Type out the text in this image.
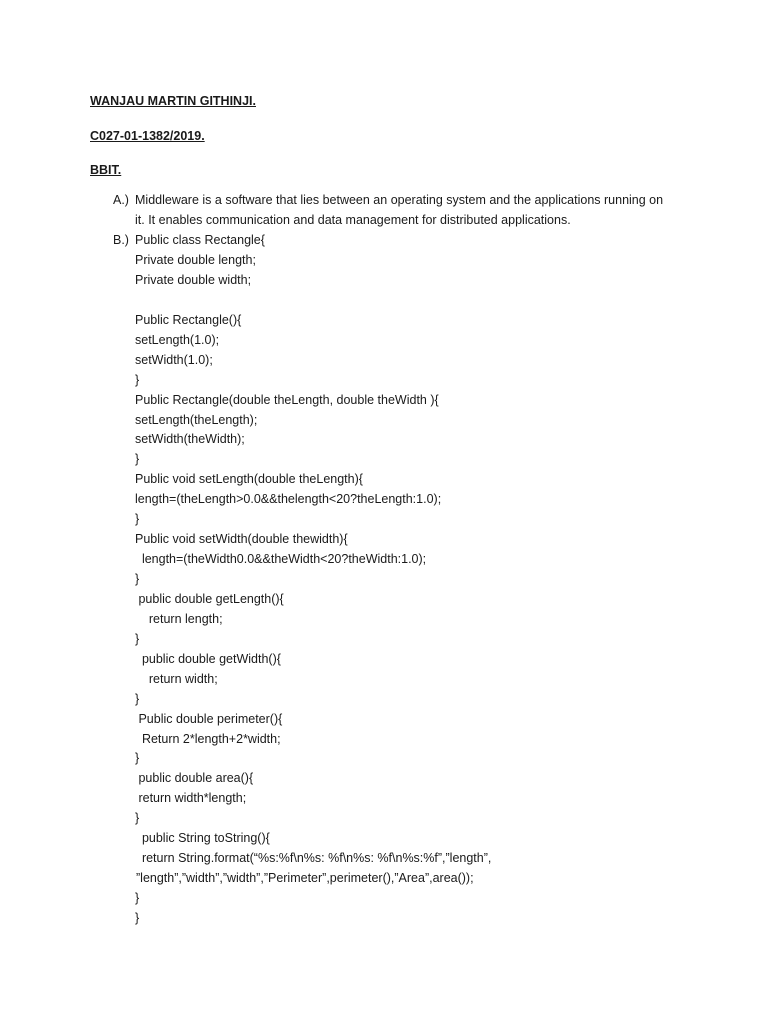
WANJAU MARTIN GITHINJI.
C027-01-1382/2019.
BBIT.
A.) Middleware is a software that lies between an operating system and the applications running on
it. It enables communication and data management for distributed applications.
B.) Public class Rectangle{
Private double length;
Private double width;
Public Rectangle(){
setLength(1.0);
setWidth(1.0);
}
Public Rectangle(double theLength, double theWidth ){
setLength(theLength);
setWidth(theWidth);
}
Public void setLength(double theLength){
length=(theLength>0.0&&thelength<20?theLength:1.0);
}
Public void setWidth(double thewidth){
length=(theWidth0.0&&theWidth<20?theWidth:1.0);
}
public double getLength(){
return length;
}
public double getWidth(){
return width;
}
Public double perimeter(){
Return 2*length+2*width;
}
public double area(){
return width*length;
}
public String toString(){
return String.format(“%s:%f\n%s: %f\n%s: %f\n%s:%f”,”length”,
”length”,”width”,”width”,”Perimeter”,perimeter(),”Area”,area());
}
}
